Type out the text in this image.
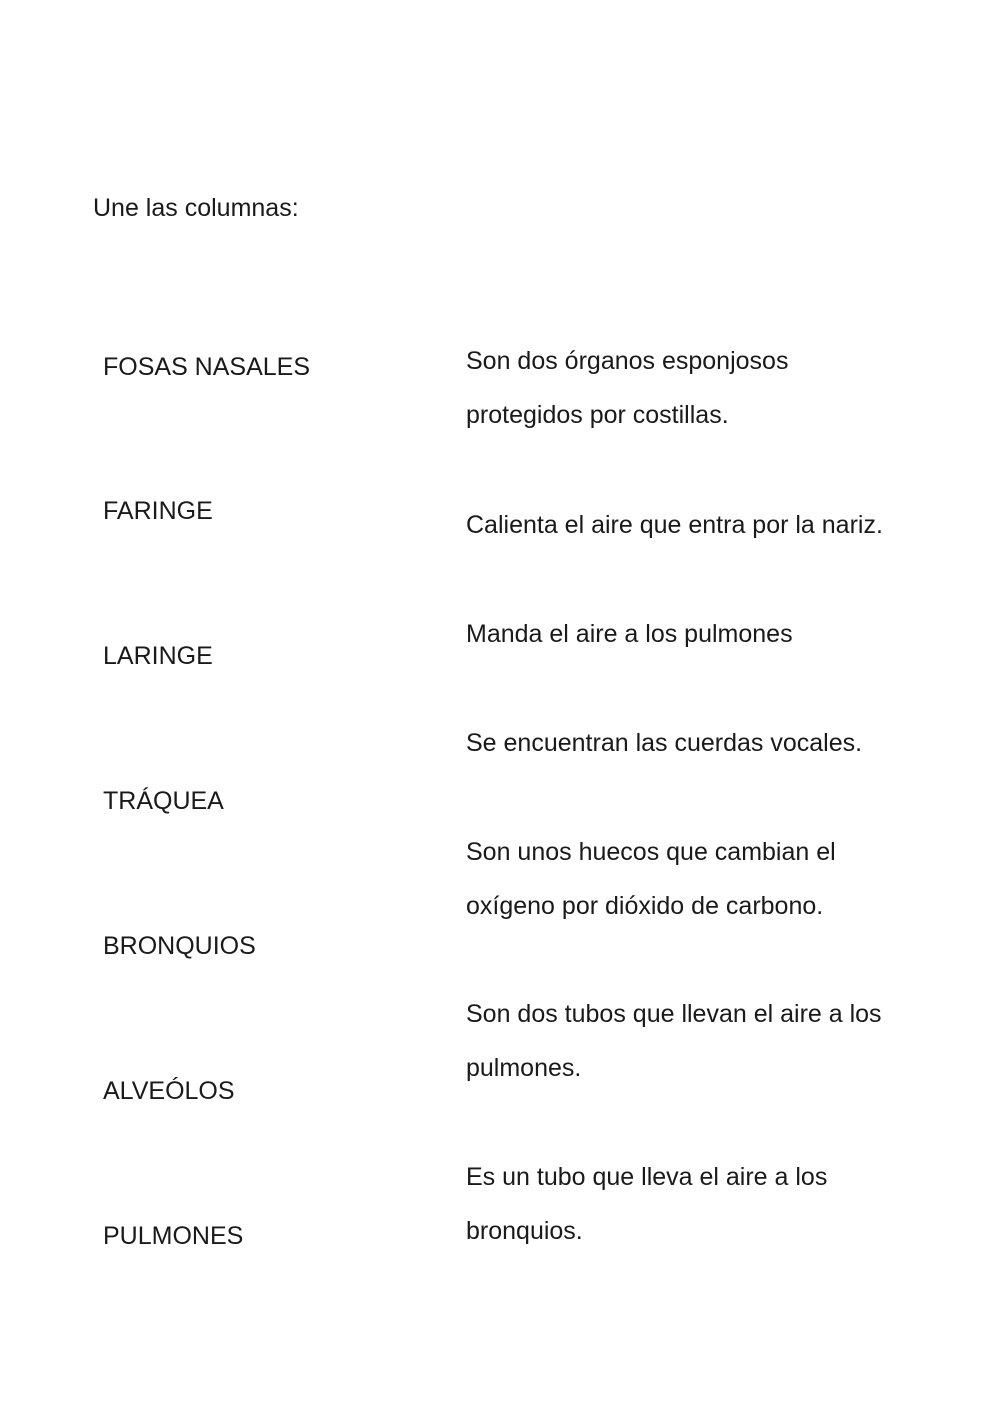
Une las columnas:
FOSAS NASALES
FARINGE
LARINGE
TRÁQUEA
BRONQUIOS
ALVEÓLOS
PULMONES
Son dos órganos esponjosos
protegidos por costillas.
Calienta el aire que entra por la nariz.
Manda el aire a los pulmones
Se encuentran las cuerdas vocales.
Son unos huecos que cambian el
oxígeno por dióxido de carbono.
Son dos tubos que llevan el aire a los
pulmones.
Es un tubo que lleva el aire a los
bronquios.
